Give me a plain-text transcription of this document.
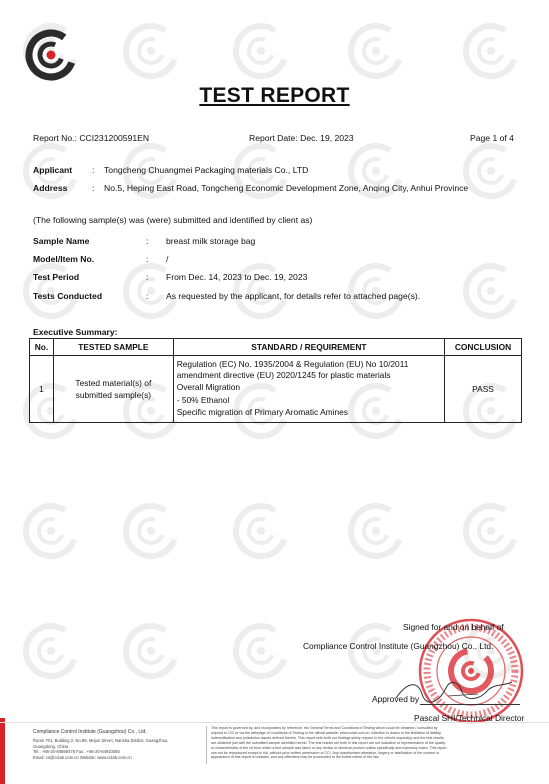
TEST REPORT
Report No.: CCI231200591EN	Report Date: Dec. 19, 2023	Page 1 of 4
Applicant : Tongcheng Chuangmei Packaging materials Co., LTD
Address	: No.5, Heping East Road, Tongcheng Economic Development Zone, Anqing City, Anhui Province
(The following sample(s) was (were) submitted and identified by client as)
Sample Name	: breast milk storage bag
Model/Item No.	: /
Test Period	: From Dec. 14, 2023 to Dec. 19, 2023
Tests Conducted	: As requested by the applicant, for details refer to attached page(s).
Executive Summary:
No.	TESTED SAMPLE	STANDARD / REQUIREMENT	CONCLUSION
1	Tested material(s) of submitted sample(s)	Regulation (EC) No. 1935/2004 & Regulation (EU) No 10/2011 amendment directive (EU) 2020/1245 for plastic materials
Overall Migration
- 50% Ethanol
Specific migration of Primary Aromatic Amines	PASS
Signed for and on behalf of
Compliance Control Institute (Guangzhou) Co., Ltd.
Approved by
Pascal SHI/Technical Director
Compliance Control Institute (Guangzhou) Co., Ltd.
Room 701, Building 2, No.89, Mojun Street, Nansha District, Guangzhou,
Guangdong, China
Tel.: +86-20-84890478 Fax.: +86-20-84910060
Email: cs@cclab.com.cn Website: www.cclab.com.cn
This report is governed by, and incorporates by reference, the General Terms and Conditions of Testing which could be obtained / consulted by
request to CCI or via the webpage of Conditions of Testing in the official website: www.cclab.com.cn. Attention is drawn to the limitation of liability,
indemnification and jurisdiction issues defined therein. This report sets forth our findings solely respect to the client's request(s) and the test results
are obtained just with the submitted sample identified herein. The test results set forth in this report are not indicative or representative of the quality
or characteristics of the lot from which a test sample was taken or any similar or identical product unless specifically and expressly noted. This report
can not be reproduced except in full, without prior written permission of CCI. Any unauthorized alteration, forgery or falsification of the content or
appearance of this report is unlawful, and any offenders may be prosecuted to the fullest extent of the law.
